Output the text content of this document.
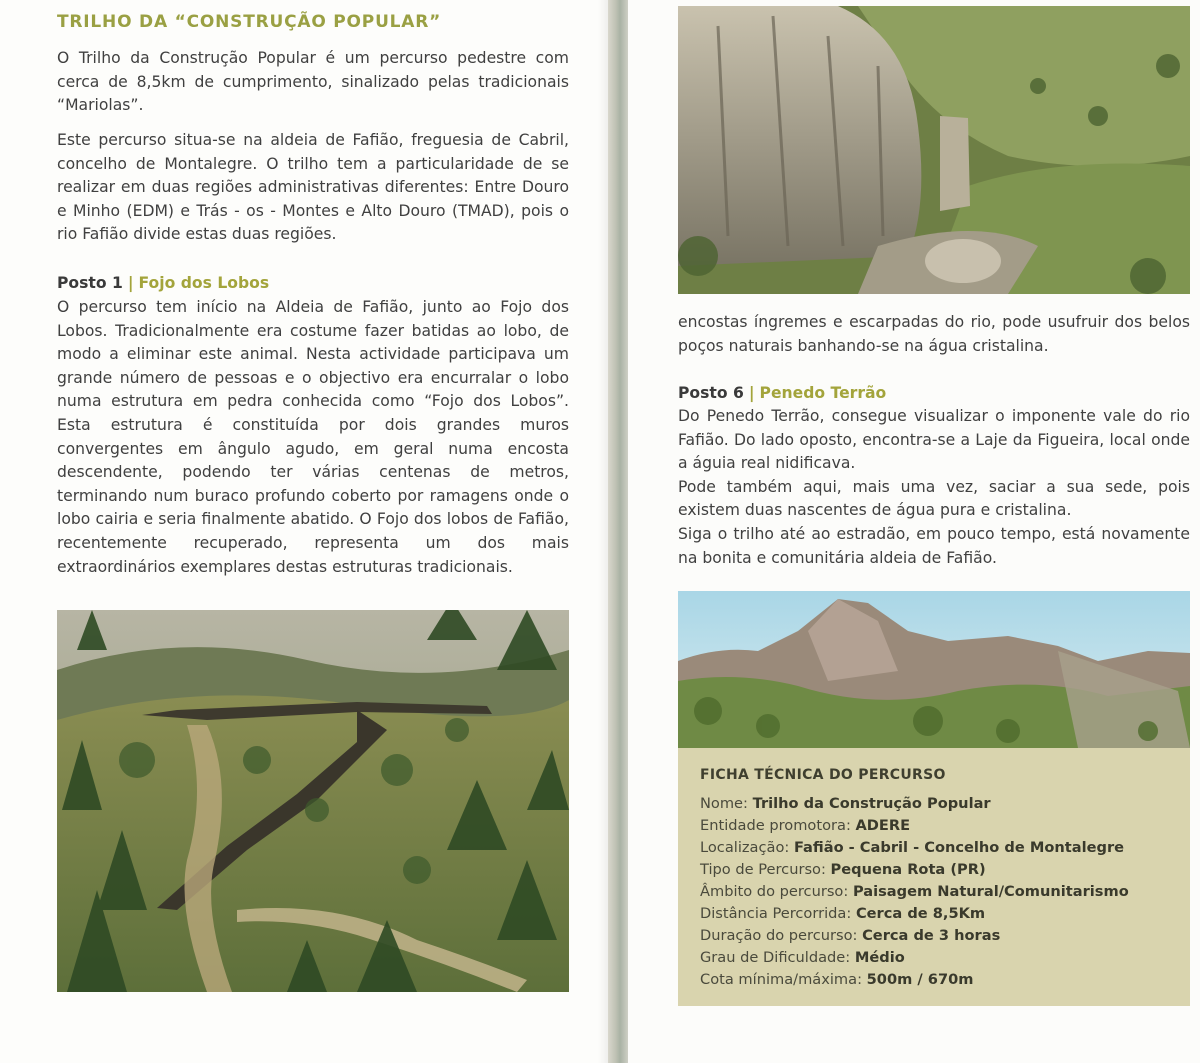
TRILHO DA “CONSTRUÇÃO POPULAR”

O Trilho da Construção Popular é um percurso pedestre com cerca de 8,5km de cumprimento, sinalizado pelas tradicionais “Mariolas”.

Este percurso situa-se na aldeia de Fafião, freguesia de Cabril, concelho de Montalegre. O trilho tem a particularidade de se realizar em duas regiões administrativas diferentes: Entre Douro e Minho (EDM) e Trás - os - Montes e Alto Douro (TMAD), pois o rio Fafião divide estas duas regiões.

Posto 1 | Fojo dos Lobos

O percurso tem início na Aldeia de Fafião, junto ao Fojo dos Lobos. Tradicionalmente era costume fazer batidas ao lobo, de modo a eliminar este animal. Nesta actividade participava um grande número de pessoas e o objectivo era encurralar o lobo numa estrutura em pedra conhecida como “Fojo dos Lobos”. Esta estrutura é constituída por dois grandes muros convergentes em ângulo agudo, em geral numa encosta descendente, podendo ter várias centenas de metros, terminando num buraco profundo coberto por ramagens onde o lobo cairia e seria finalmente abatido. O Fojo dos lobos de Fafião, recentemente recuperado, representa um dos mais extraordinários exemplares destas estruturas tradicionais.

encostas íngremes e escarpadas do rio, pode usufruir dos belos poços naturais banhando-se na água cristalina.

Posto 6 | Penedo Terrão

Do Penedo Terrão, consegue visualizar o imponente vale do rio Fafião. Do lado oposto, encontra-se a Laje da Figueira, local onde a águia real nidificava.
Pode também aqui, mais uma vez, saciar a sua sede, pois existem duas nascentes de água pura e cristalina.
Siga o trilho até ao estradão, em pouco tempo, está novamente na bonita e comunitária aldeia de Fafião.

FICHA TÉCNICA DO PERCURSO
Nome: Trilho da Construção Popular
Entidade promotora: ADERE
Localização: Fafião - Cabril - Concelho de Montalegre
Tipo de Percurso: Pequena Rota (PR)
Âmbito do percurso: Paisagem Natural/Comunitarismo
Distância Percorrida: Cerca de 8,5Km
Duração do percurso: Cerca de 3 horas
Grau de Dificuldade: Médio
Cota mínima/máxima: 500m / 670m
